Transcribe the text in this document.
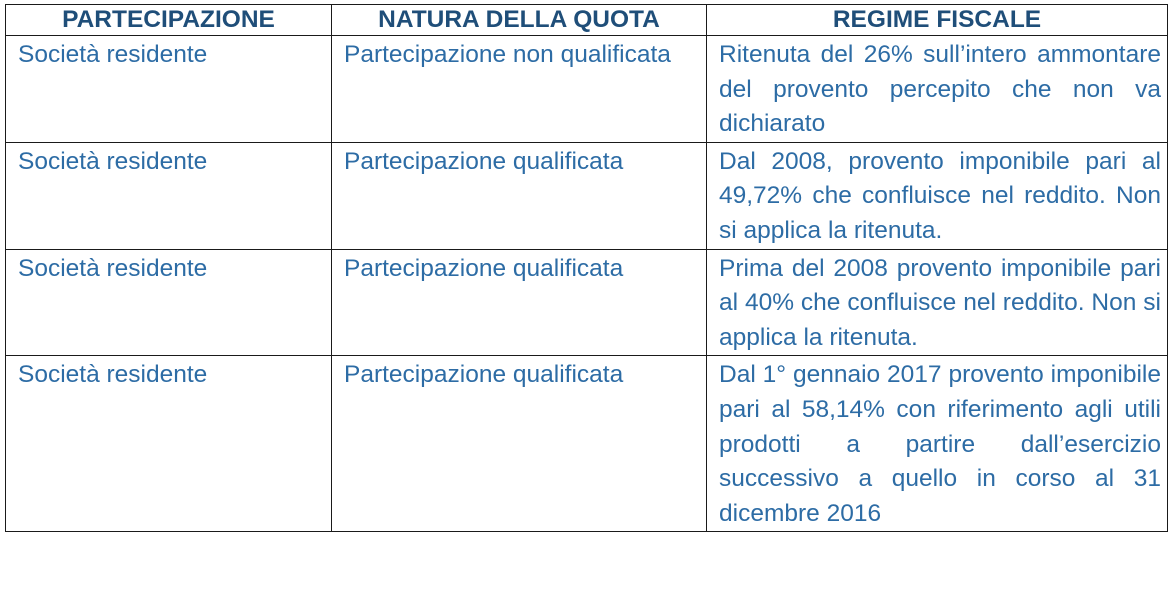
PARTECIPAZIONE	NATURA DELLA QUOTA	REGIME FISCALE
Società residente	Partecipazione non qualificata	Ritenuta del 26% sull’intero ammontare del provento percepito che non va dichiarato
Società residente	Partecipazione qualificata	Dal 2008, provento imponibile pari al 49,72% che confluisce nel reddito. Non si applica la ritenuta.
Società residente	Partecipazione qualificata	Prima del 2008 provento imponibile pari al 40% che confluisce nel reddito. Non si applica la ritenuta.
Società residente	Partecipazione qualificata	Dal 1° gennaio 2017 provento imponibile pari al 58,14% con riferimento agli utili prodotti a partire dall’esercizio successivo a quello in corso al 31 dicembre 2016
